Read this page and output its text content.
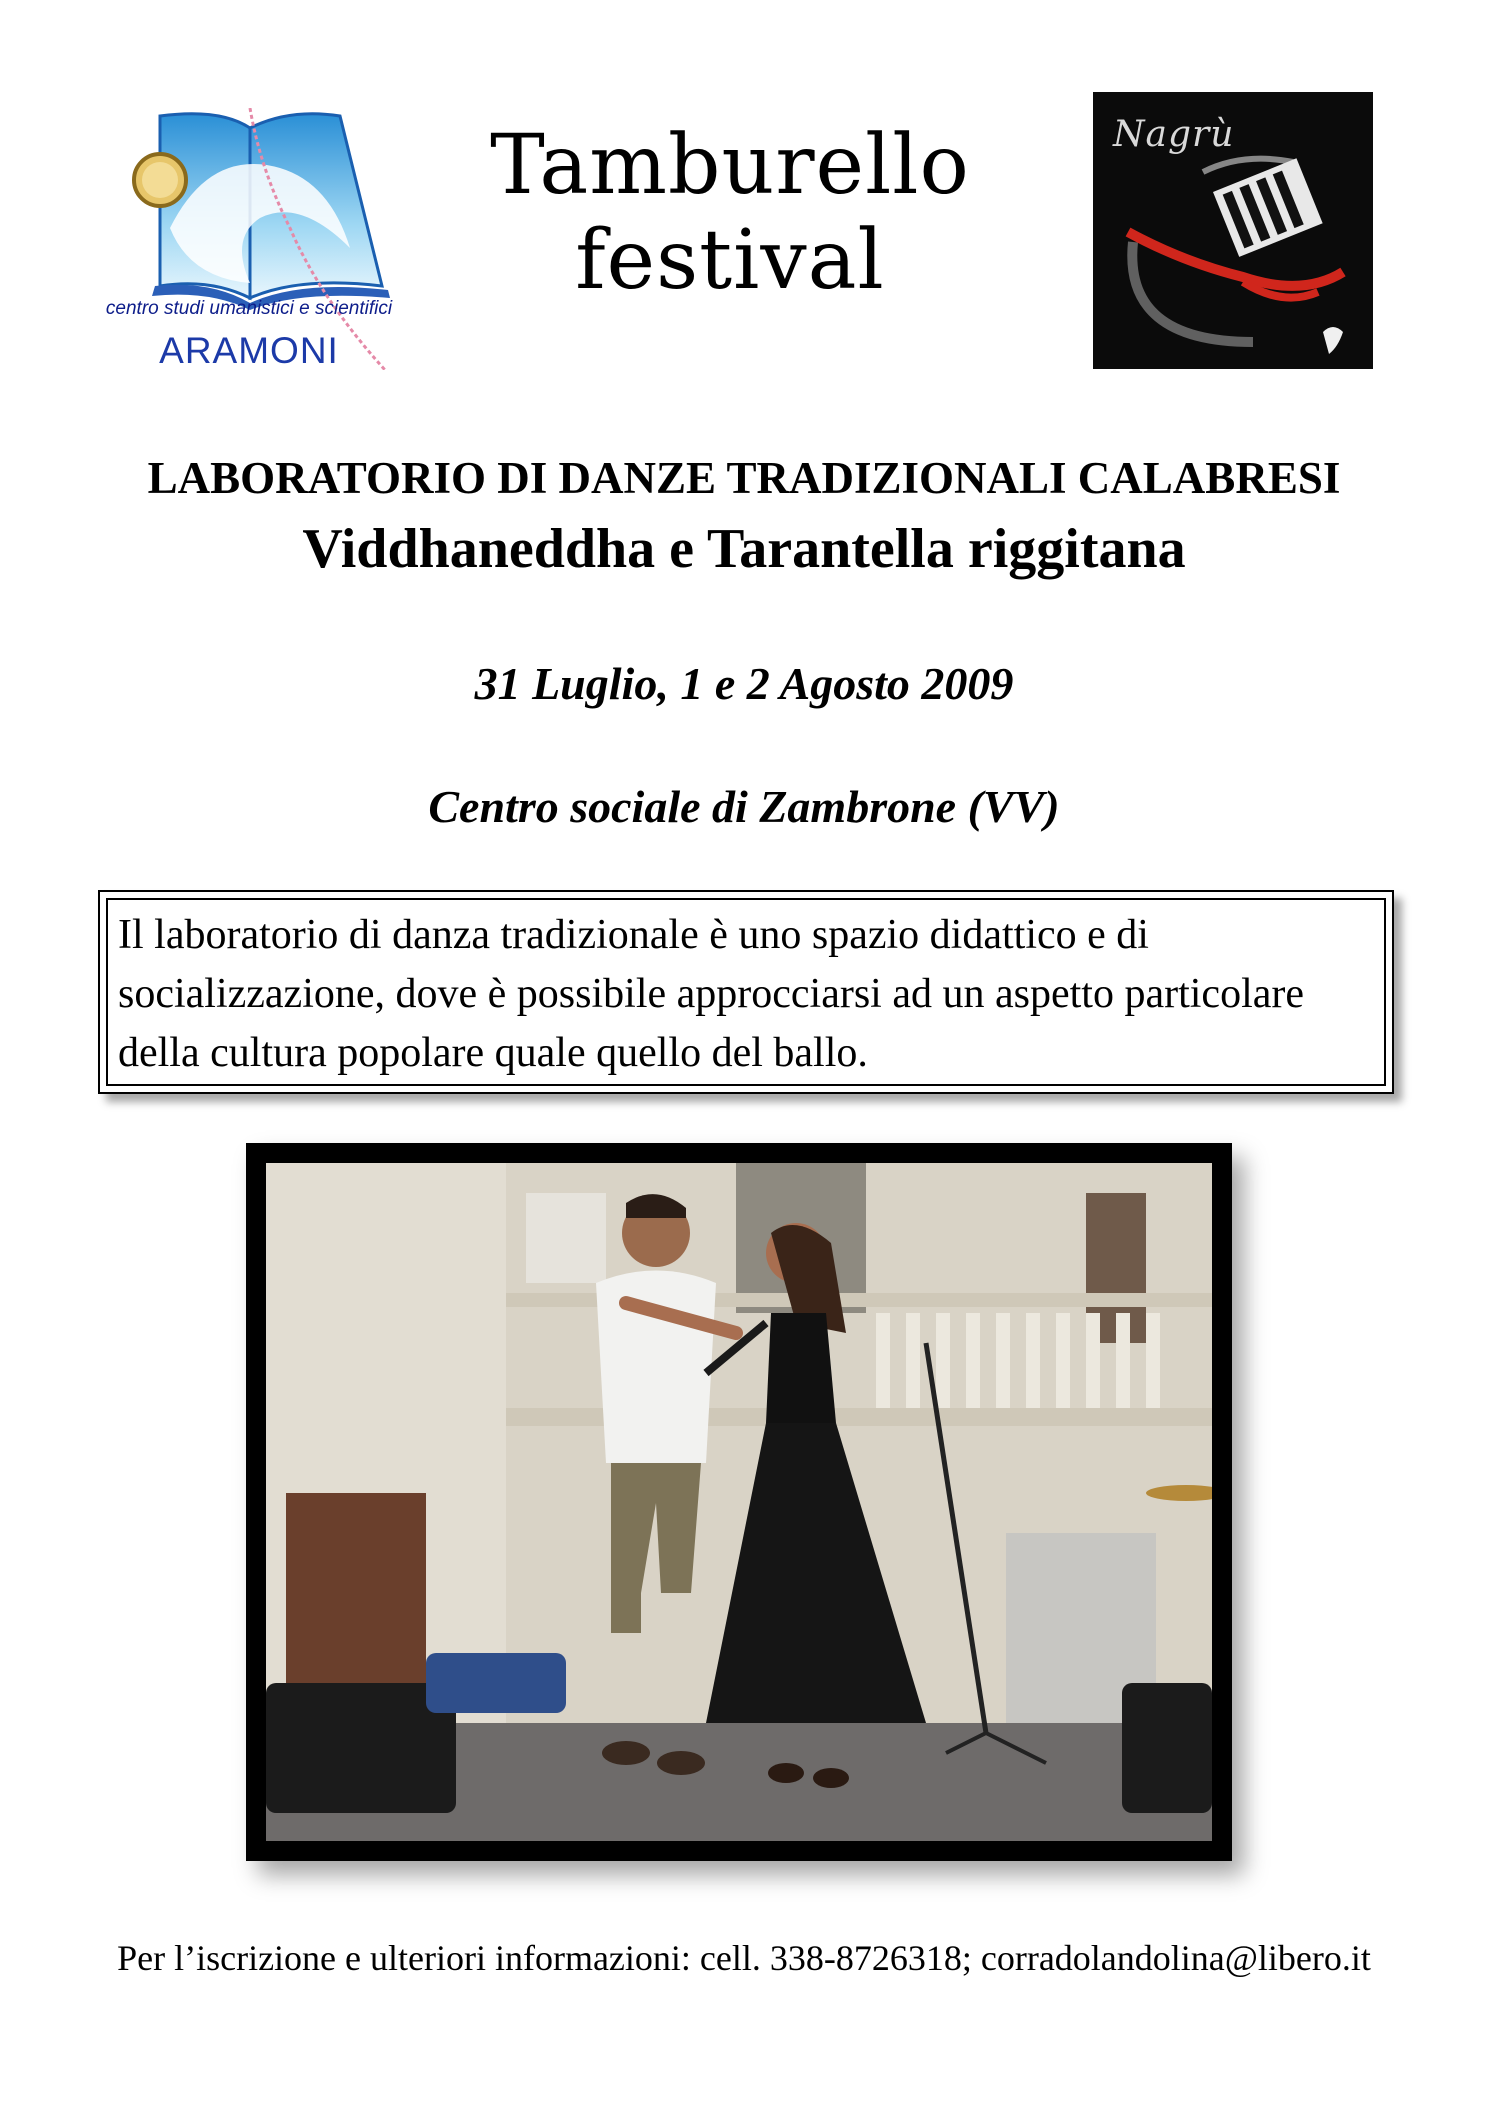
centro studi umanistici e scientifici
ARAMONI
Tamburello festival
Nagrù
LABORATORIO DI DANZE TRADIZIONALI CALABRESI
Viddhaneddha e Tarantella riggitana
31 Luglio, 1 e 2 Agosto 2009
Centro sociale di Zambrone (VV)

Il laboratorio di danza tradizionale è uno spazio didattico e di socializzazione, dove è possibile approcciarsi ad un aspetto particolare della cultura popolare quale quello del ballo.

Per l’iscrizione e ulteriori informazioni: cell. 338-8726318; corradolandolina@libero.it
